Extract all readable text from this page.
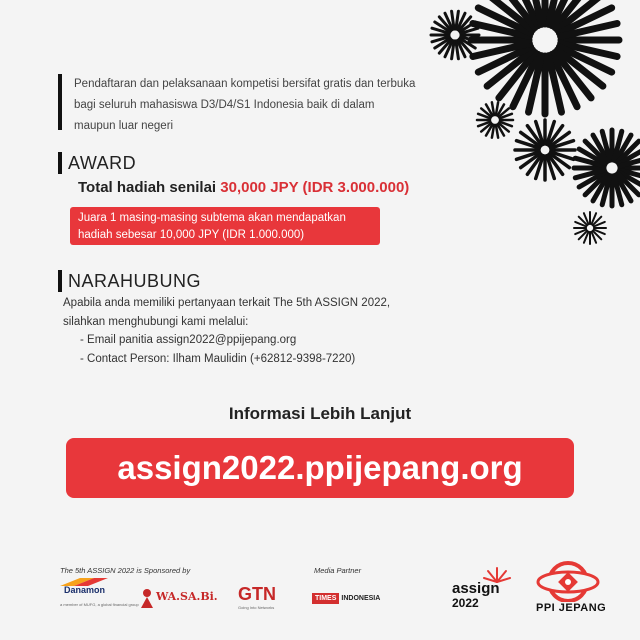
Pendaftaran dan pelaksanaan kompetisi bersifat gratis dan terbuka bagi seluruh mahasiswa D3/D4/S1 Indonesia baik di dalam maupun luar negeri

AWARD
Total hadiah senilai 30,000 JPY (IDR 3.000.000)
Juara 1 masing-masing subtema akan mendapatkan
hadiah sebesar 10,000 JPY (IDR 1.000.000)
NARAHUBUNG
Apabila anda memiliki pertanyaan terkait The 5th ASSIGN 2022, silahkan menghubungi kami melalui:
- Email panitia assign2022@ppijepang.org
- Contact Person: Ilham Maulidin (+62812-9398-7220)
Informasi Lebih Lanjut
assign2022.ppijepang.org
The 5th ASSIGN 2022 is Sponsored by	Media Partner
Danamon
a member of MUFG, a global financial group
WA.SA.Bi. GTN
Going Into Networks
TIMES INDONESIA
assign
2022	PPI JEPANG
